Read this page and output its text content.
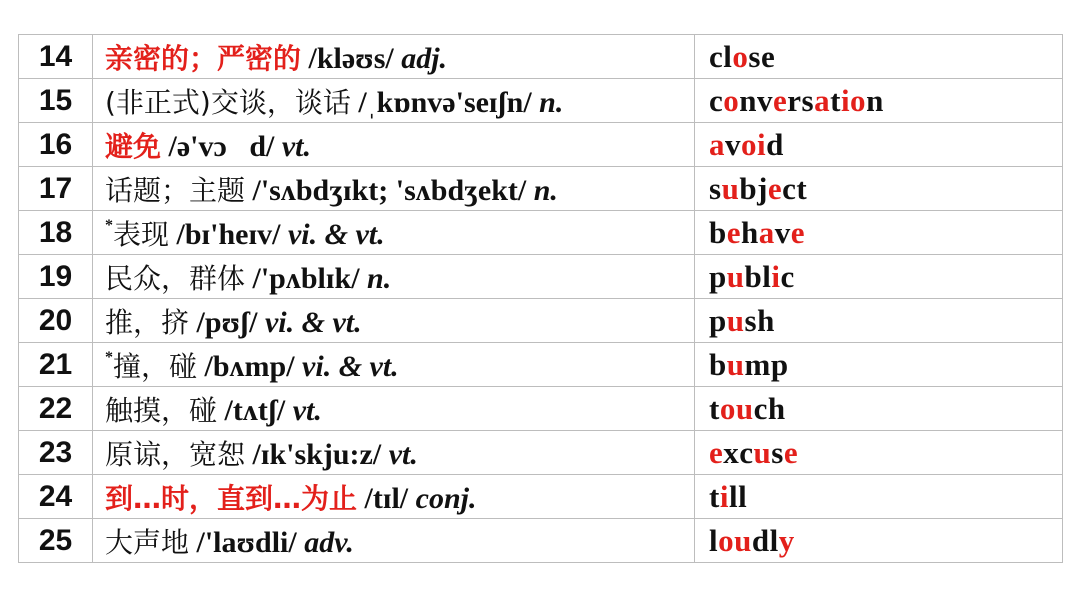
14	亲密的；严密的 /kləʊs/ adj.	close
15	(非正式)交谈，谈话 /ˌkɒnvə'seɪʃn/ n.	conversation
16	避免 /ə'vɔ   d/ vt.	avoid
17	话题；主题 /'sʌbdʒɪkt; 'sʌbdʒekt/ n.	subject
18	*表现 /bɪ'heɪv/ vi. & vt.	behave
19	民众，群体 /'pʌblɪk/ n.	public
20	推，挤 /pʊʃ/ vi. & vt.	push
21	*撞，碰 /bʌmp/ vi. & vt.	bump
22	触摸，碰 /tʌtʃ/ vt.	touch
23	原谅，宽恕 /ɪk'skju:z/ vt.	excuse
24	到…时，直到…为止 /tɪl/ conj.	till
25	大声地 /'laʊdli/ adv.	loudly
